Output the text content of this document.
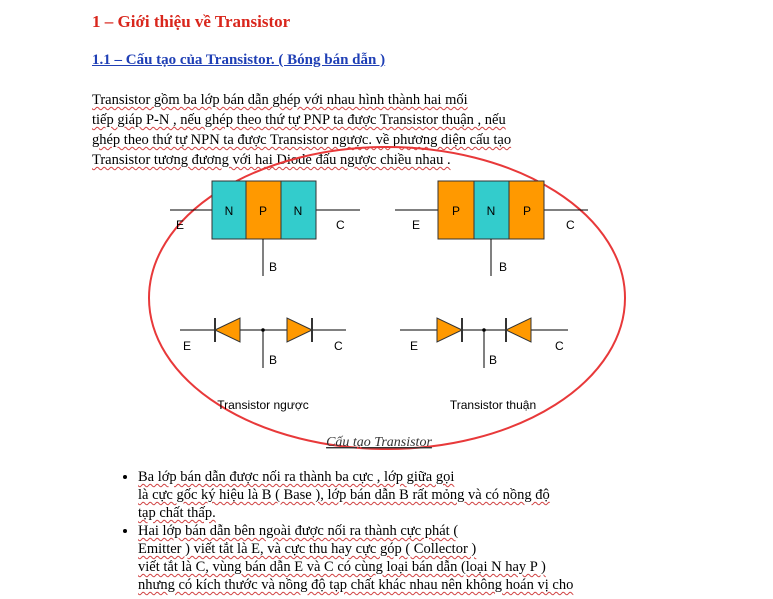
1 – Giới thiệu về Transistor
1.1 – Cấu tạo của Transistor. ( Bóng bán dẫn )
Transistor gồm ba lớp bán dẫn ghép với nhau hình thành hai mối
tiếp giáp P-N , nếu ghép theo thứ tự PNP ta được Transistor thuận , nếu
ghép theo thứ tự NPN ta được Transistor ngược. về phương diện cấu tạo
Transistor tương đương với hai Diode đấu ngược chiều nhau .
N P N
E	C
B
P N P
E	C
B
E	C
B
Transistor ngược
E	C
B
Transistor thuận
Cấu tạo Transistor
• Ba lớp bán dẫn được nối ra thành ba cực , lớp giữa gọi
là cực gốc ký hiệu là B ( Base ), lớp bán dẫn B rất mỏng và có nồng độ
tạp chất thấp.
• Hai lớp bán dẫn bên ngoài được nối ra thành cực phát (
Emitter ) viết tắt là E, và cực thu hay cực góp ( Collector )
viết tắt là C, vùng bán dẫn E và C có cùng loại bán dẫn (loại N hay P )
nhưng có kích thước và nồng độ tạp chất khác nhau nên không hoán vị cho
